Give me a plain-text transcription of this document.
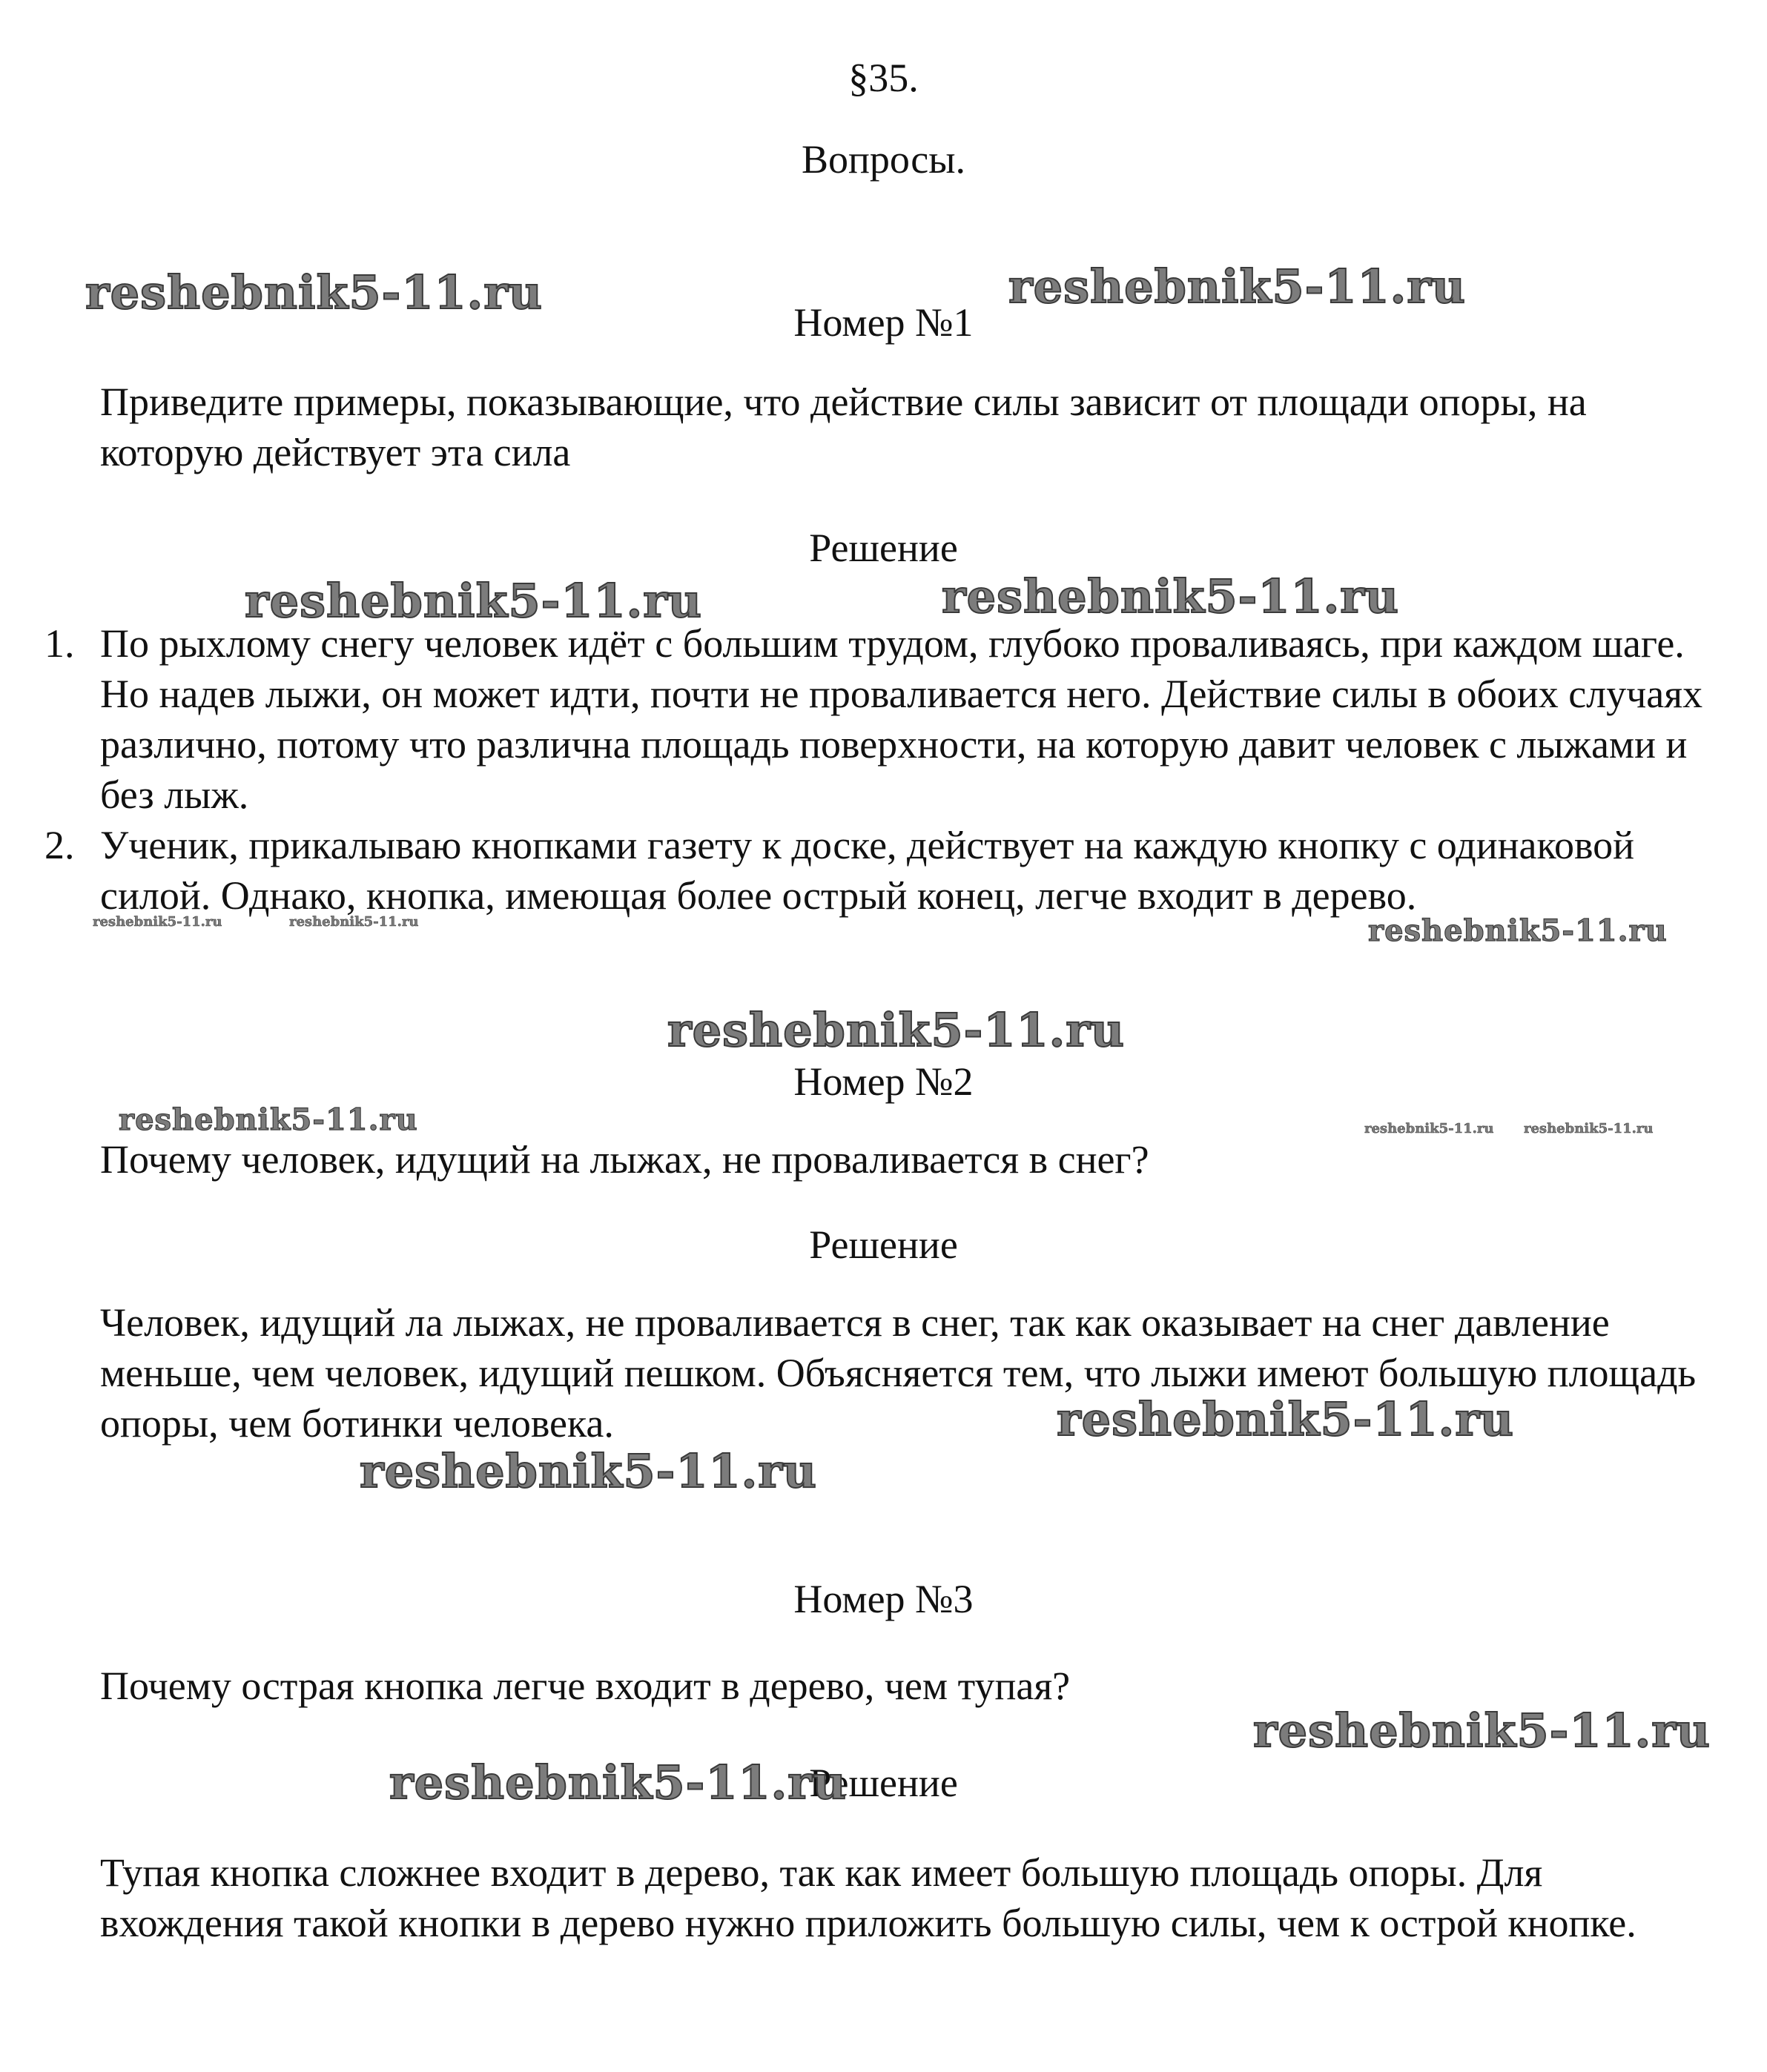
§35.
Вопросы.
Номер №1
Приведите примеры, показывающие, что действие силы зависит от площади опоры, на которую действует эта сила
Решение
1. По рыхлому снегу человек идёт с большим трудом, глубоко проваливаясь, при каждом шаге. Но надев лыжи, он может идти, почти не проваливается него. Действие силы в обоих случаях различно, потому что различна площадь поверхности, на которую давит человек с лыжами и без лыж.
2. Ученик, прикалываю кнопками газету к доске, действует на каждую кнопку с одинаковой силой. Однако, кнопка, имеющая более острый конец, легче входит в дерево.
Номер №2
Почему человек, идущий на лыжах, не проваливается в снег?
Решение
Человек, идущий ла лыжах, не проваливается в снег, так как оказывает на снег давление меньше, чем человек, идущий пешком. Объясняется тем, что лыжи имеют большую площадь опоры, чем ботинки человека.
Номер №3
Почему острая кнопка легче входит в дерево, чем тупая?
Решение
Тупая кнопка сложнее входит в дерево, так как имеет большую площадь опоры. Для вхождения такой кнопки в дерево нужно приложить большую силы, чем к острой кнопке.
reshebnik5-11.ru	reshebnik5-11.ru
reshebnik5-11.ru	reshebnik5-11.ru
reshebnik5-11.ru	reshebnik5-11.ru	reshebnik5-11.ru
reshebnik5-11.ru
reshebnik5-11.ru	reshebnik5-11.ru reshebnik5-11.ru
reshebnik5-11.ru
reshebnik5-11.ru
reshebnik5-11.ru
reshebnik5-11.ru
